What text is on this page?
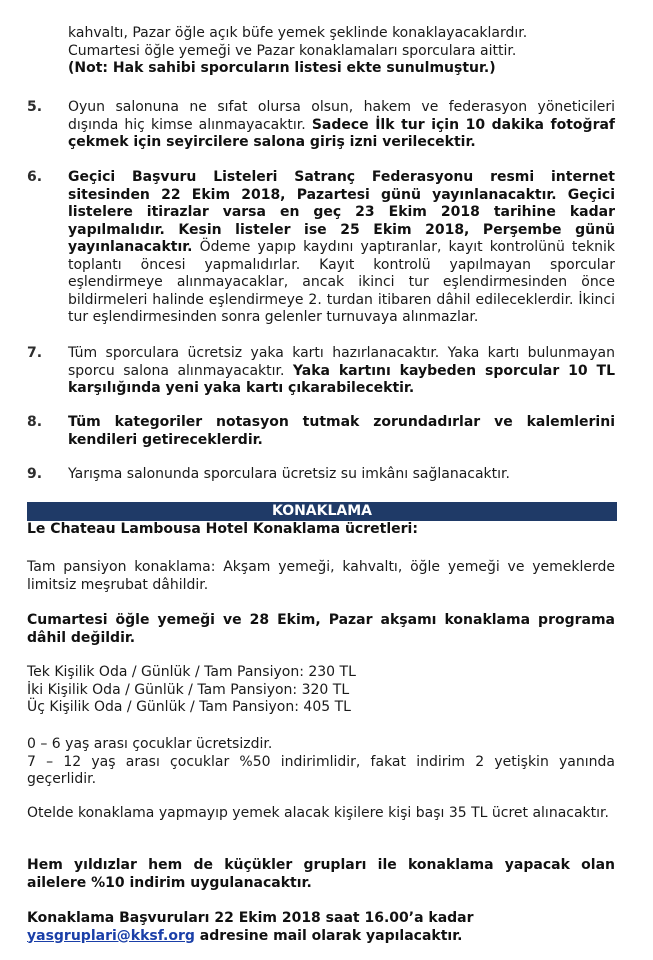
kahvaltı, Pazar öğle açık büfe yemek şeklinde konaklayacaklardır.
Cumartesi öğle yemeği ve Pazar konaklamaları sporculara aittir.
(Not: Hak sahibi sporcuların listesi ekte sunulmuştur.)
5.	Oyun salonuna ne sıfat olursa olsun, hakem ve federasyon yöneticileri dışında hiç kimse alınmayacaktır. Sadece İlk tur için 10 dakika fotoğraf çekmek için seyircilere salona giriş izni verilecektir.
6.	Geçici Başvuru Listeleri Satranç Federasyonu resmi internet sitesinden 22 Ekim 2018, Pazartesi günü yayınlanacaktır. Geçici listelere itirazlar varsa en geç 23 Ekim 2018 tarihine kadar yapılmalıdır. Kesin listeler ise 25 Ekim 2018, Perşembe günü yayınlanacaktır. Ödeme yapıp kaydını yaptıranlar, kayıt kontrolünü teknik toplantı öncesi yapmalıdırlar. Kayıt kontrolü yapılmayan sporcular eşlendirmeye alınmayacaklar, ancak ikinci tur eşlendirmesinden önce bildirmeleri halinde eşlendirmeye 2. turdan itibaren dâhil edileceklerdir. İkinci tur eşlendirmesinden sonra gelenler turnuvaya alınmazlar.
7.	Tüm sporculara ücretsiz yaka kartı hazırlanacaktır. Yaka kartı bulunmayan sporcu salona alınmayacaktır. Yaka kartını kaybeden sporcular 10 TL karşılığında yeni yaka kartı çıkarabilecektir.
8.	Tüm kategoriler notasyon tutmak zorundadırlar ve kalemlerini kendileri getireceklerdir.
9.	Yarışma salonunda sporculara ücretsiz su imkânı sağlanacaktır.
KONAKLAMA
Le Chateau Lambousa Hotel Konaklama ücretleri:
Tam pansiyon konaklama: Akşam yemeği, kahvaltı, öğle yemeği ve yemeklerde limitsiz meşrubat dâhildir.
Cumartesi öğle yemeği ve 28 Ekim, Pazar akşamı konaklama programa dâhil değildir.
Tek Kişilik Oda / Günlük / Tam Pansiyon: 230 TL
İki Kişilik Oda / Günlük / Tam Pansiyon: 320 TL
Üç Kişilik Oda / Günlük / Tam Pansiyon: 405 TL
0 – 6 yaş arası çocuklar ücretsizdir.
7 – 12 yaş arası çocuklar %50 indirimlidir, fakat indirim 2 yetişkin yanında geçerlidir.
Otelde konaklama yapmayıp yemek alacak kişilere kişi başı 35 TL ücret alınacaktır.
Hem yıldızlar hem de küçükler grupları ile konaklama yapacak olan ailelere %10 indirim uygulanacaktır.
Konaklama Başvuruları 22 Ekim 2018 saat 16.00’a kadar
yasgruplari@kksf.org adresine mail olarak yapılacaktır.
